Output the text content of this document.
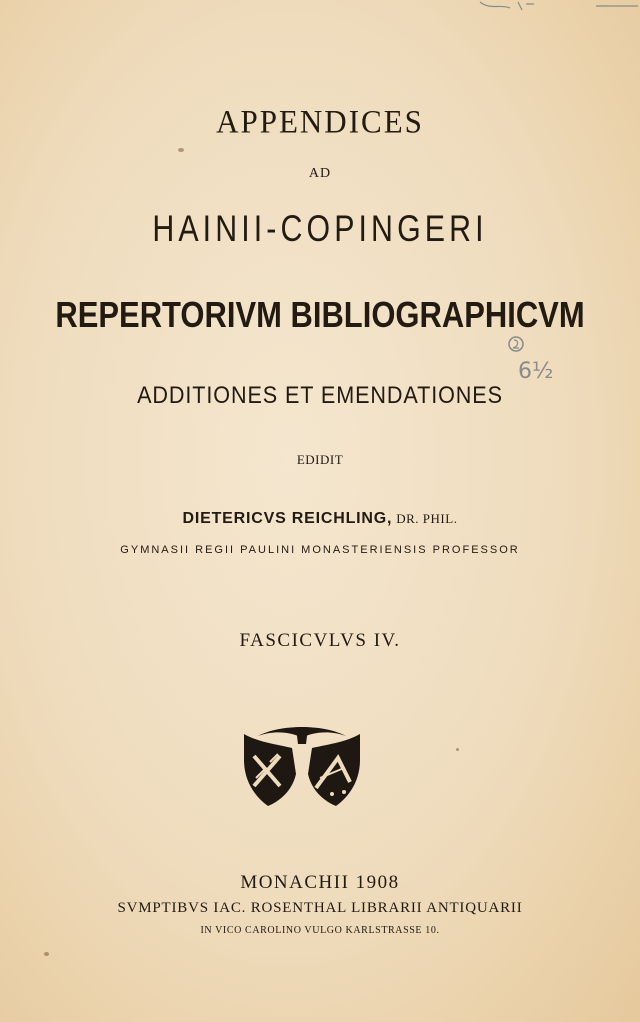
APPENDICES
AD
HAINII-COPINGERI
REPERTORIVM BIBLIOGRAPHICVM
ADDITIONES ET EMENDATIONES
EDIDIT
DIETERICVS REICHLING, DR. PHIL.
GYMNASII REGII PAULINI MONASTERIENSIS PROFESSOR
FASCICVLVS IV.
MONACHII 1908
SVMPTIBVS IAC. ROSENTHAL LIBRARII ANTIQUARII
IN VICO CAROLINO VULGO KARLSTRASSE 10.
6½
